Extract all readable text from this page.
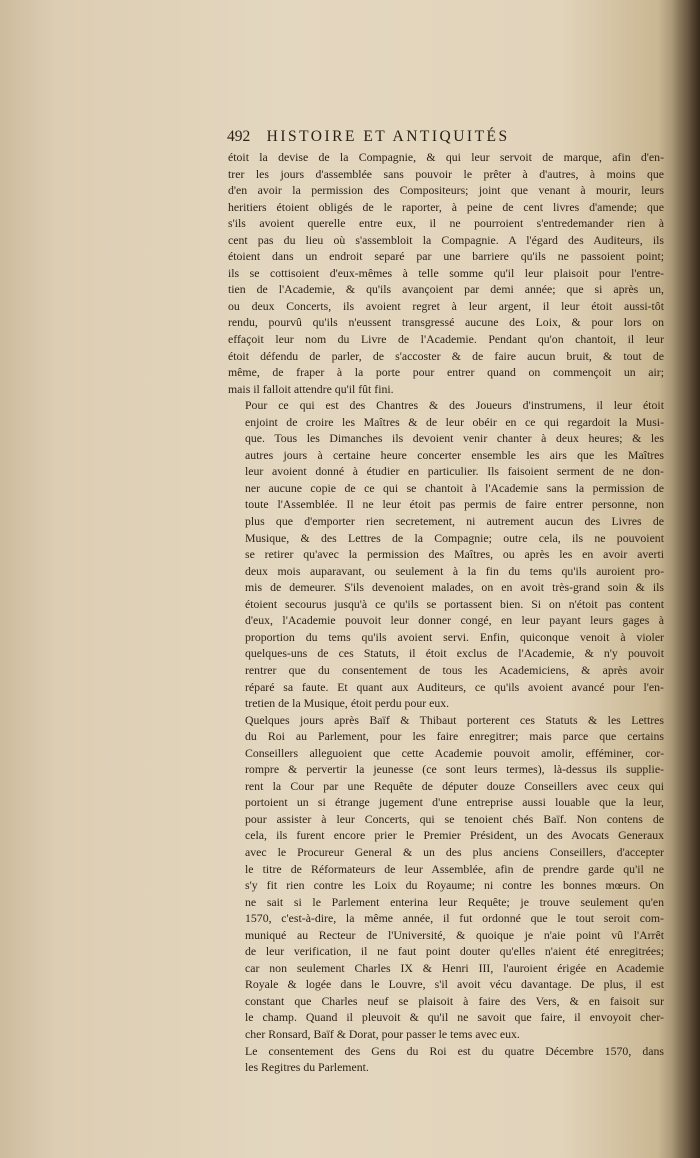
492 HISTOIRE ET ANTIQUITÉS
étoit la devise de la Compagnie, & qui leur servoit de marque, afin d'en-
trer les jours d'assemblée sans pouvoir le prêter à d'autres, à moins que
d'en avoir la permission des Compositeurs; joint que venant à mourir, leurs
heritiers étoient obligés de le raporter, à peine de cent livres d'amende; que
s'ils avoient querelle entre eux, il ne pourroient s'entredemander rien à
cent pas du lieu où s'assembloit la Compagnie. A l'égard des Auditeurs, ils
étoient dans un endroit separé par une barriere qu'ils ne passoient point;
ils se cottisoient d'eux-mêmes à telle somme qu'il leur plaisoit pour l'entre-
tien de l'Academie, & qu'ils avançoient par demi année; que si après un,
ou deux Concerts, ils avoient regret à leur argent, il leur étoit aussi-tôt
rendu, pourvû qu'ils n'eussent transgressé aucune des Loix, & pour lors on
effaçoit leur nom du Livre de l'Academie. Pendant qu'on chantoit, il leur
étoit défendu de parler, de s'accoster & de faire aucun bruit, & tout de
même, de fraper à la porte pour entrer quand on commençoit un air;
mais il falloit attendre qu'il fût fini.
Pour ce qui est des Chantres & des Joueurs d'instrumens, il leur étoit
enjoint de croire les Maîtres & de leur obéir en ce qui regardoit la Musi-
que. Tous les Dimanches ils devoient venir chanter à deux heures; & les
autres jours à certaine heure concerter ensemble les airs que les Maîtres
leur avoient donné à étudier en particulier. Ils faisoient serment de ne don-
ner aucune copie de ce qui se chantoit à l'Academie sans la permission de
toute l'Assemblée. Il ne leur étoit pas permis de faire entrer personne, non
plus que d'emporter rien secretement, ni autrement aucun des Livres de
Musique, & des Lettres de la Compagnie; outre cela, ils ne pouvoient
se retirer qu'avec la permission des Maîtres, ou après les en avoir averti
deux mois auparavant, ou seulement à la fin du tems qu'ils auroient pro-
mis de demeurer. S'ils devenoient malades, on en avoit très-grand soin & ils
étoient secourus jusqu'à ce qu'ils se portassent bien. Si on n'étoit pas content
d'eux, l'Academie pouvoit leur donner congé, en leur payant leurs gages à
proportion du tems qu'ils avoient servi. Enfin, quiconque venoit à violer
quelques-uns de ces Statuts, il étoit exclus de l'Academie, & n'y pouvoit
rentrer que du consentement de tous les Academiciens, & après avoir
réparé sa faute. Et quant aux Auditeurs, ce qu'ils avoient avancé pour l'en-
tretien de la Musique, étoit perdu pour eux.
Quelques jours après Baïf & Thibaut porterent ces Statuts & les Lettres
du Roi au Parlement, pour les faire enregitrer; mais parce que certains
Conseillers alleguoient que cette Academie pouvoit amolir, efféminer, cor-
rompre & pervertir la jeunesse (ce sont leurs termes), là-dessus ils supplie-
rent la Cour par une Requête de députer douze Conseillers avec ceux qui
portoient un si étrange jugement d'une entreprise aussi louable que la leur,
pour assister à leur Concerts, qui se tenoient chés Baïf. Non contens de
cela, ils furent encore prier le Premier Président, un des Avocats Generaux
avec le Procureur General & un des plus anciens Conseillers, d'accepter
le titre de Réformateurs de leur Assemblée, afin de prendre garde qu'il ne
s'y fit rien contre les Loix du Royaume; ni contre les bonnes mœurs. On
ne sait si le Parlement enterina leur Requête; je trouve seulement qu'en
1570, c'est-à-dire, la même année, il fut ordonné que le tout seroit com-
muniqué au Recteur de l'Université, & quoique je n'aie point vû l'Arrêt
de leur verification, il ne faut point douter qu'elles n'aient été enregitrées;
car non seulement Charles IX & Henri III, l'auroient érigée en Academie
Royale & logée dans le Louvre, s'il avoit vécu davantage. De plus, il est
constant que Charles neuf se plaisoit à faire des Vers, & en faisoit sur
le champ. Quand il pleuvoit & qu'il ne savoit que faire, il envoyoit cher-
cher Ronsard, Baïf & Dorat, pour passer le tems avec eux.
Le consentement des Gens du Roi est du quatre Décembre 1570, dans
les Regitres du Parlement.
